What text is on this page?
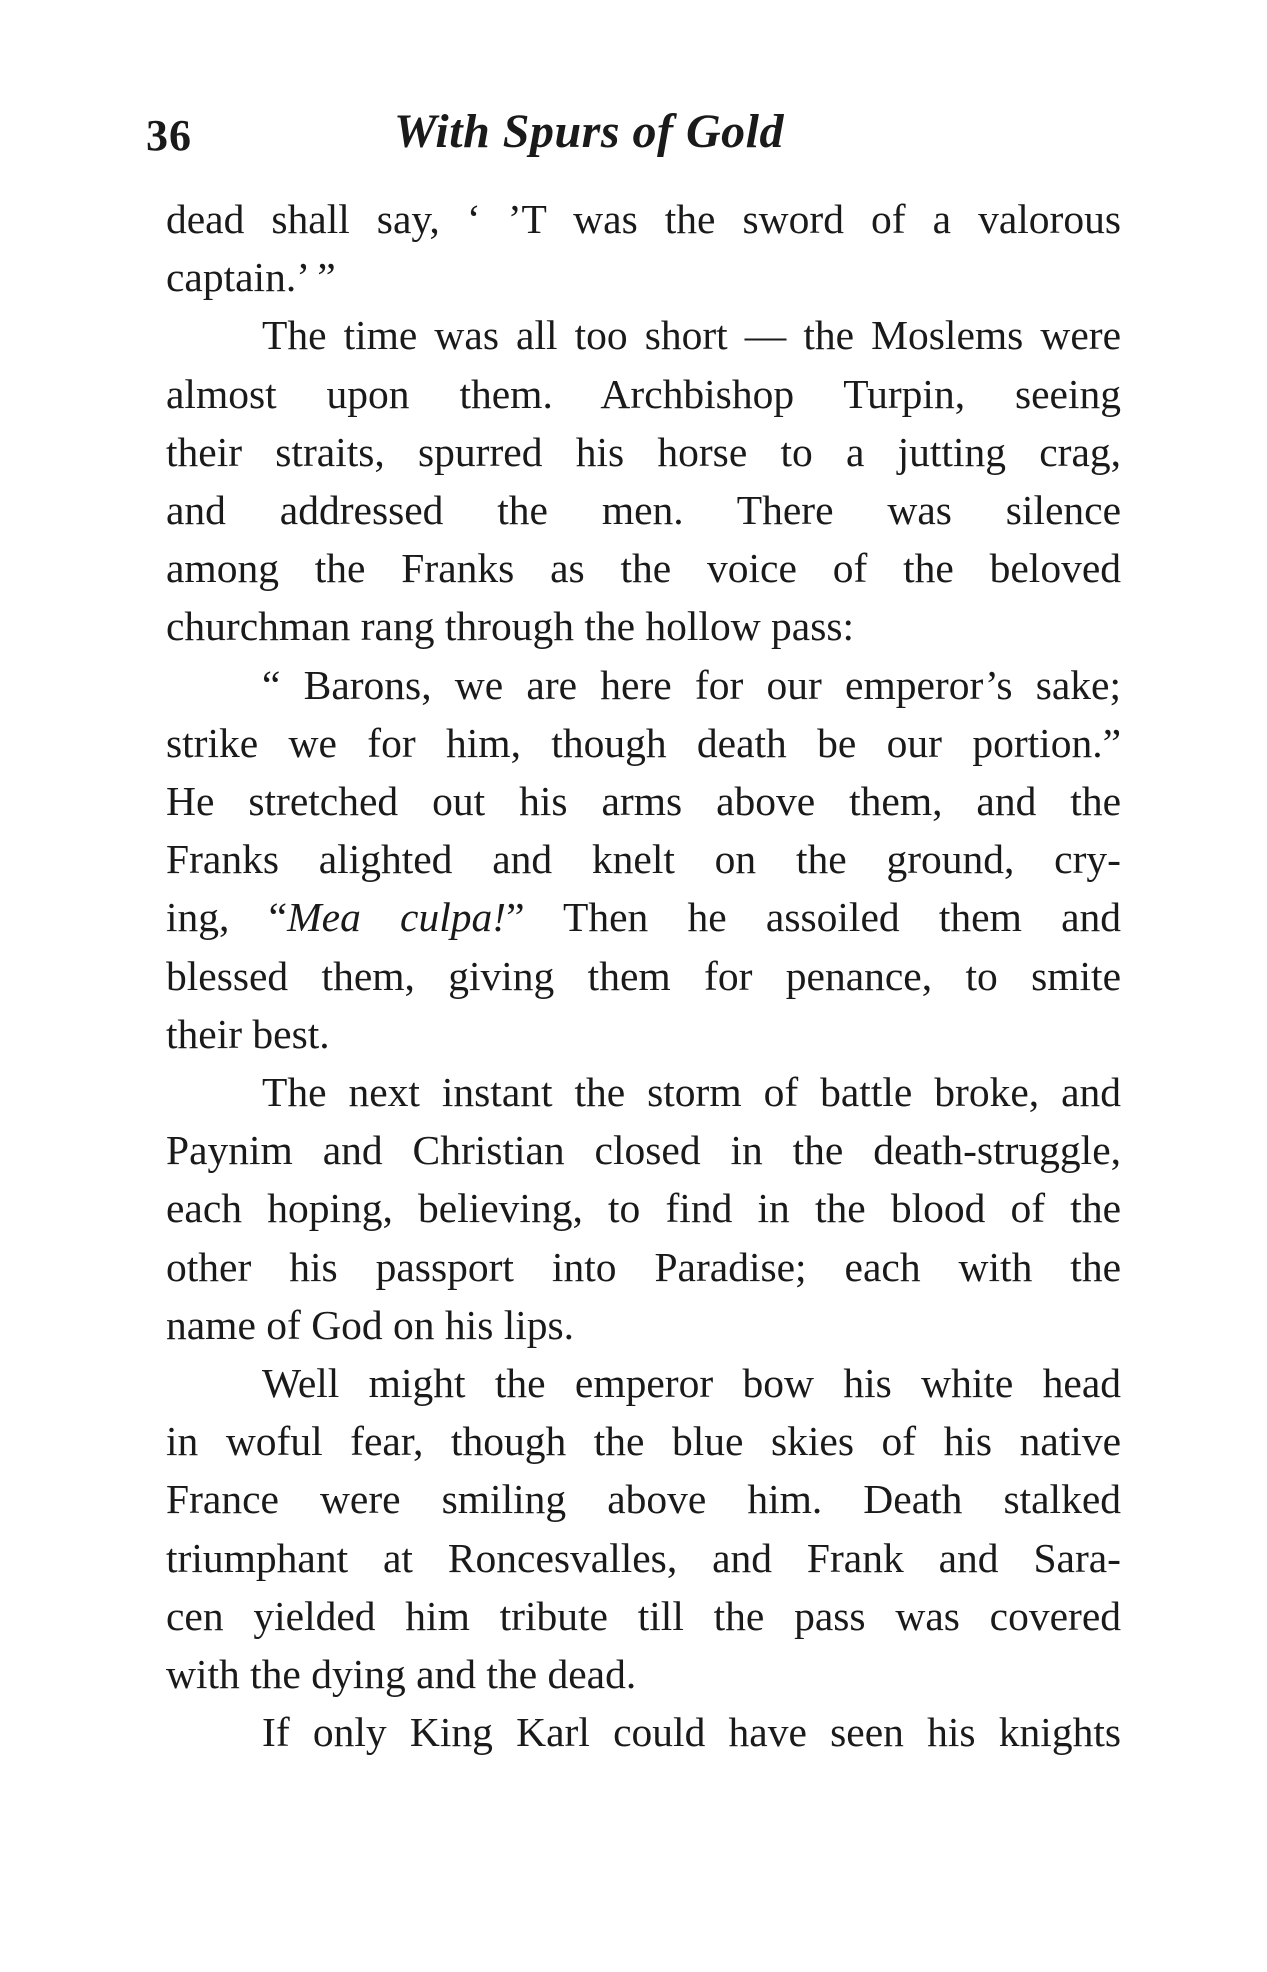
36	With Spurs of Gold
dead shall say, ‘ ’T was the sword of a valorous
captain.’ ”
The time was all too short — the Moslems were
almost upon them. Archbishop Turpin, seeing
their straits, spurred his horse to a jutting crag,
and addressed the men. There was silence
among the Franks as the voice of the beloved
churchman rang through the hollow pass:
“ Barons, we are here for our emperor’s sake;
strike we for him, though death be our portion.”
He stretched out his arms above them, and the
Franks alighted and knelt on the ground, cry-
ing, “Mea culpa!” Then he assoiled them and
blessed them, giving them for penance, to smite
their best.
The next instant the storm of battle broke, and
Paynim and Christian closed in the death-struggle,
each hoping, believing, to find in the blood of the
other his passport into Paradise; each with the
name of God on his lips.
Well might the emperor bow his white head
in woful fear, though the blue skies of his native
France were smiling above him. Death stalked
triumphant at Roncesvalles, and Frank and Sara-
cen yielded him tribute till the pass was covered
with the dying and the dead.
If only King Karl could have seen his knights
